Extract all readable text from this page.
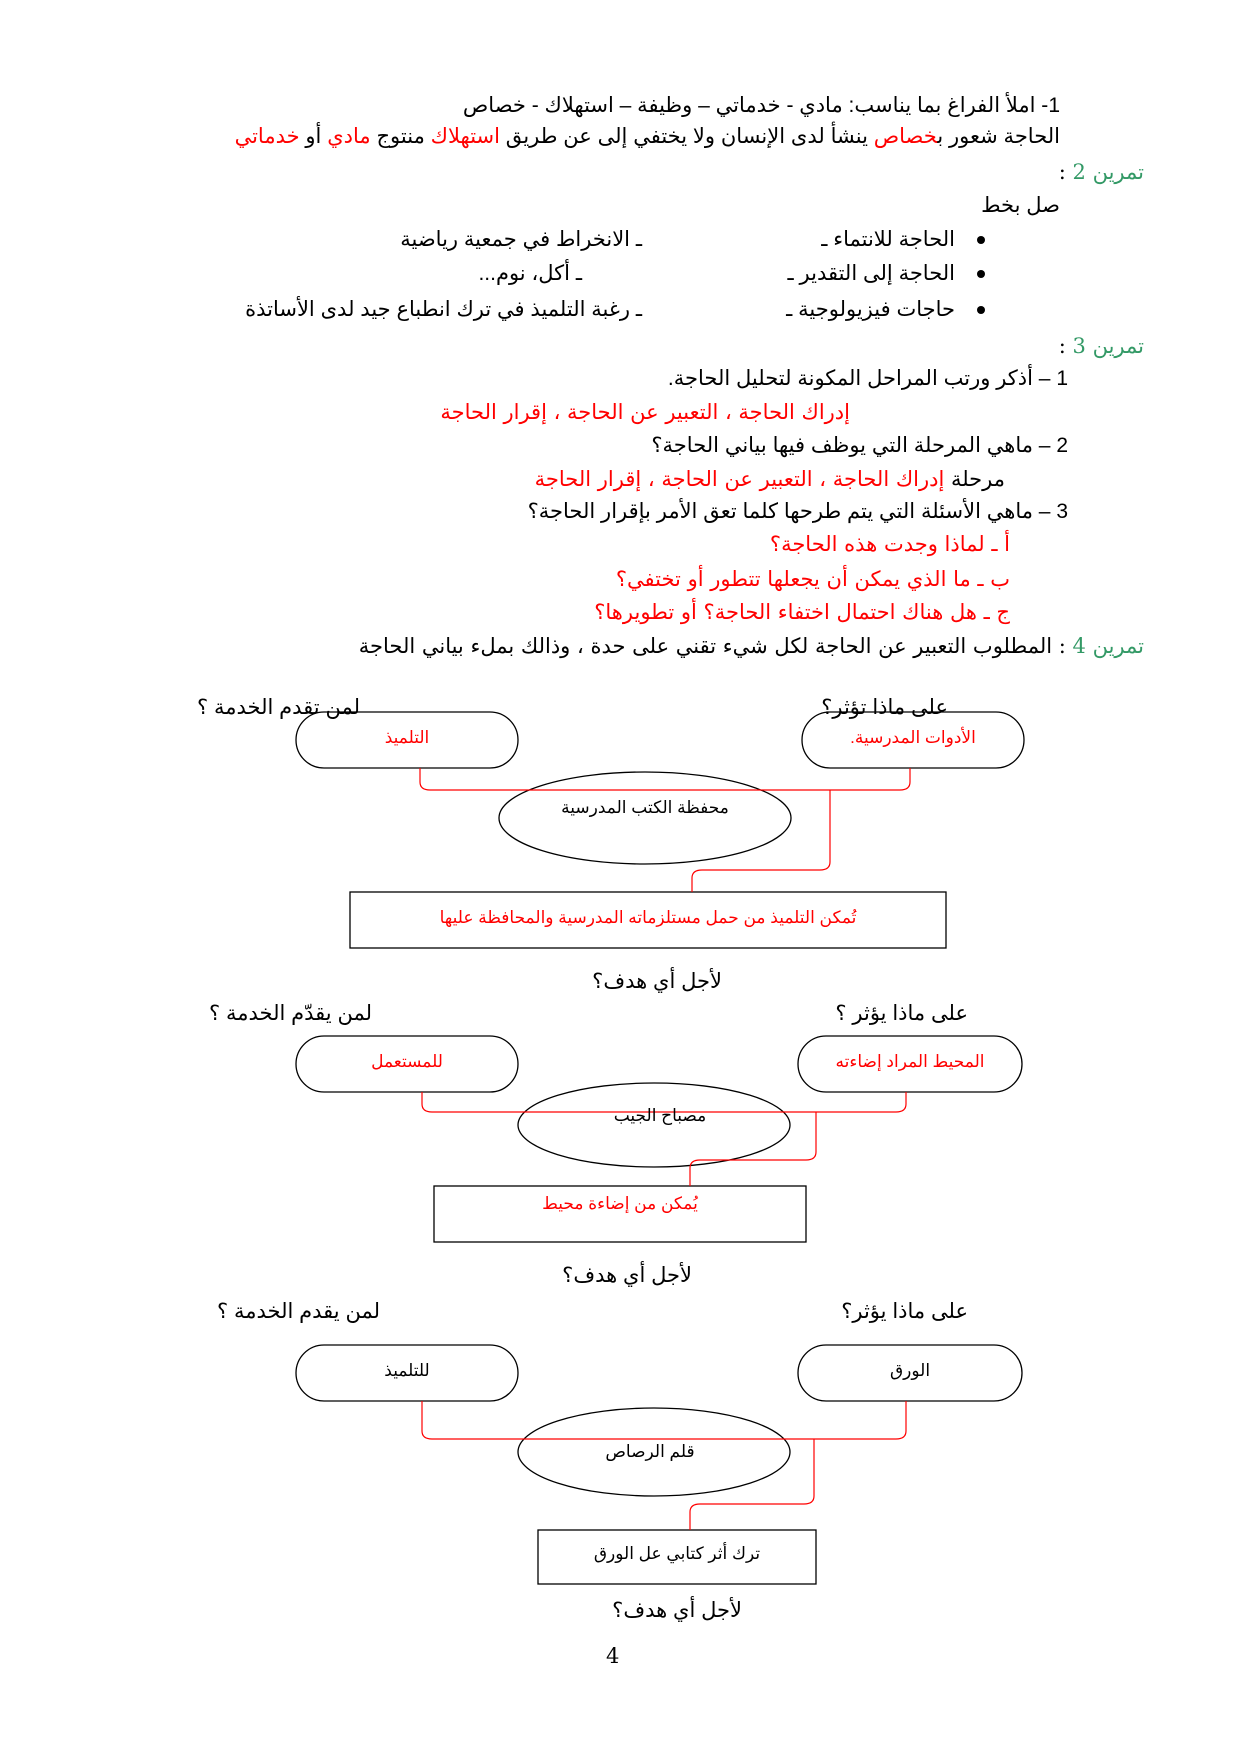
1- املأ الفراغ بما يناسب: مادي - خدماتي – وظيفة – استهلاك - خصاص
الحاجة شعور بخصاص ينشأ لدى الإنسان ولا يختفي إلى عن طريق استهلاك منتوج مادي أو خدماتي
تمرين 2 :
صل بخط
الحاجة للانتماء ـ
الحاجة إلى التقدير ـ
حاجات فيزيولوجية ـ
ـ الانخراط في جمعية رياضية
ـ أكل، نوم...
ـ رغبة التلميذ في ترك انطباع جيد لدى الأساتذة
تمرين 3 :
1 – أذكر ورتب المراحل المكونة لتحليل الحاجة.
إدراك الحاجة ، التعبير عن الحاجة ، إقرار الحاجة
2 – ماهي المرحلة التي يوظف فيها بياني الحاجة؟
مرحلة إدراك الحاجة ، التعبير عن الحاجة ، إقرار الحاجة
3 – ماهي الأسئلة التي يتم طرحها كلما تعق الأمر بإقرار الحاجة؟
أ ـ لماذا وجدت هذه الحاجة؟
ب ـ ما الذي يمكن أن يجعلها تتطور أو تختفي؟
ج ـ هل هناك احتمال اختفاء الحاجة؟ أو تطويرها؟
تمرين 4 : المطلوب التعبير عن الحاجة لكل شيء تقني على حدة ، وذالك بملء بياني الحاجة
على ماذا تؤثر؟
لمن تقدم الخدمة ؟
الأدوات المدرسية.
التلميذ
محفظة الكتب المدرسية
تُمكن التلميذ من حمل مستلزماته المدرسية والمحافظة عليها
لأجل أي هدف؟
على ماذا يؤثر ؟
لمن يقدّم الخدمة ؟
المحيط المراد إضاءته
للمستعمل
مصباح الجيب
يُمكن من إضاءة محيط
لأجل أي هدف؟
على ماذا يؤثر؟
لمن يقدم الخدمة ؟
الورق
للتلميذ
قلم الرصاص
ترك أثر كتابي عل الورق
لأجل أي هدف؟
4
